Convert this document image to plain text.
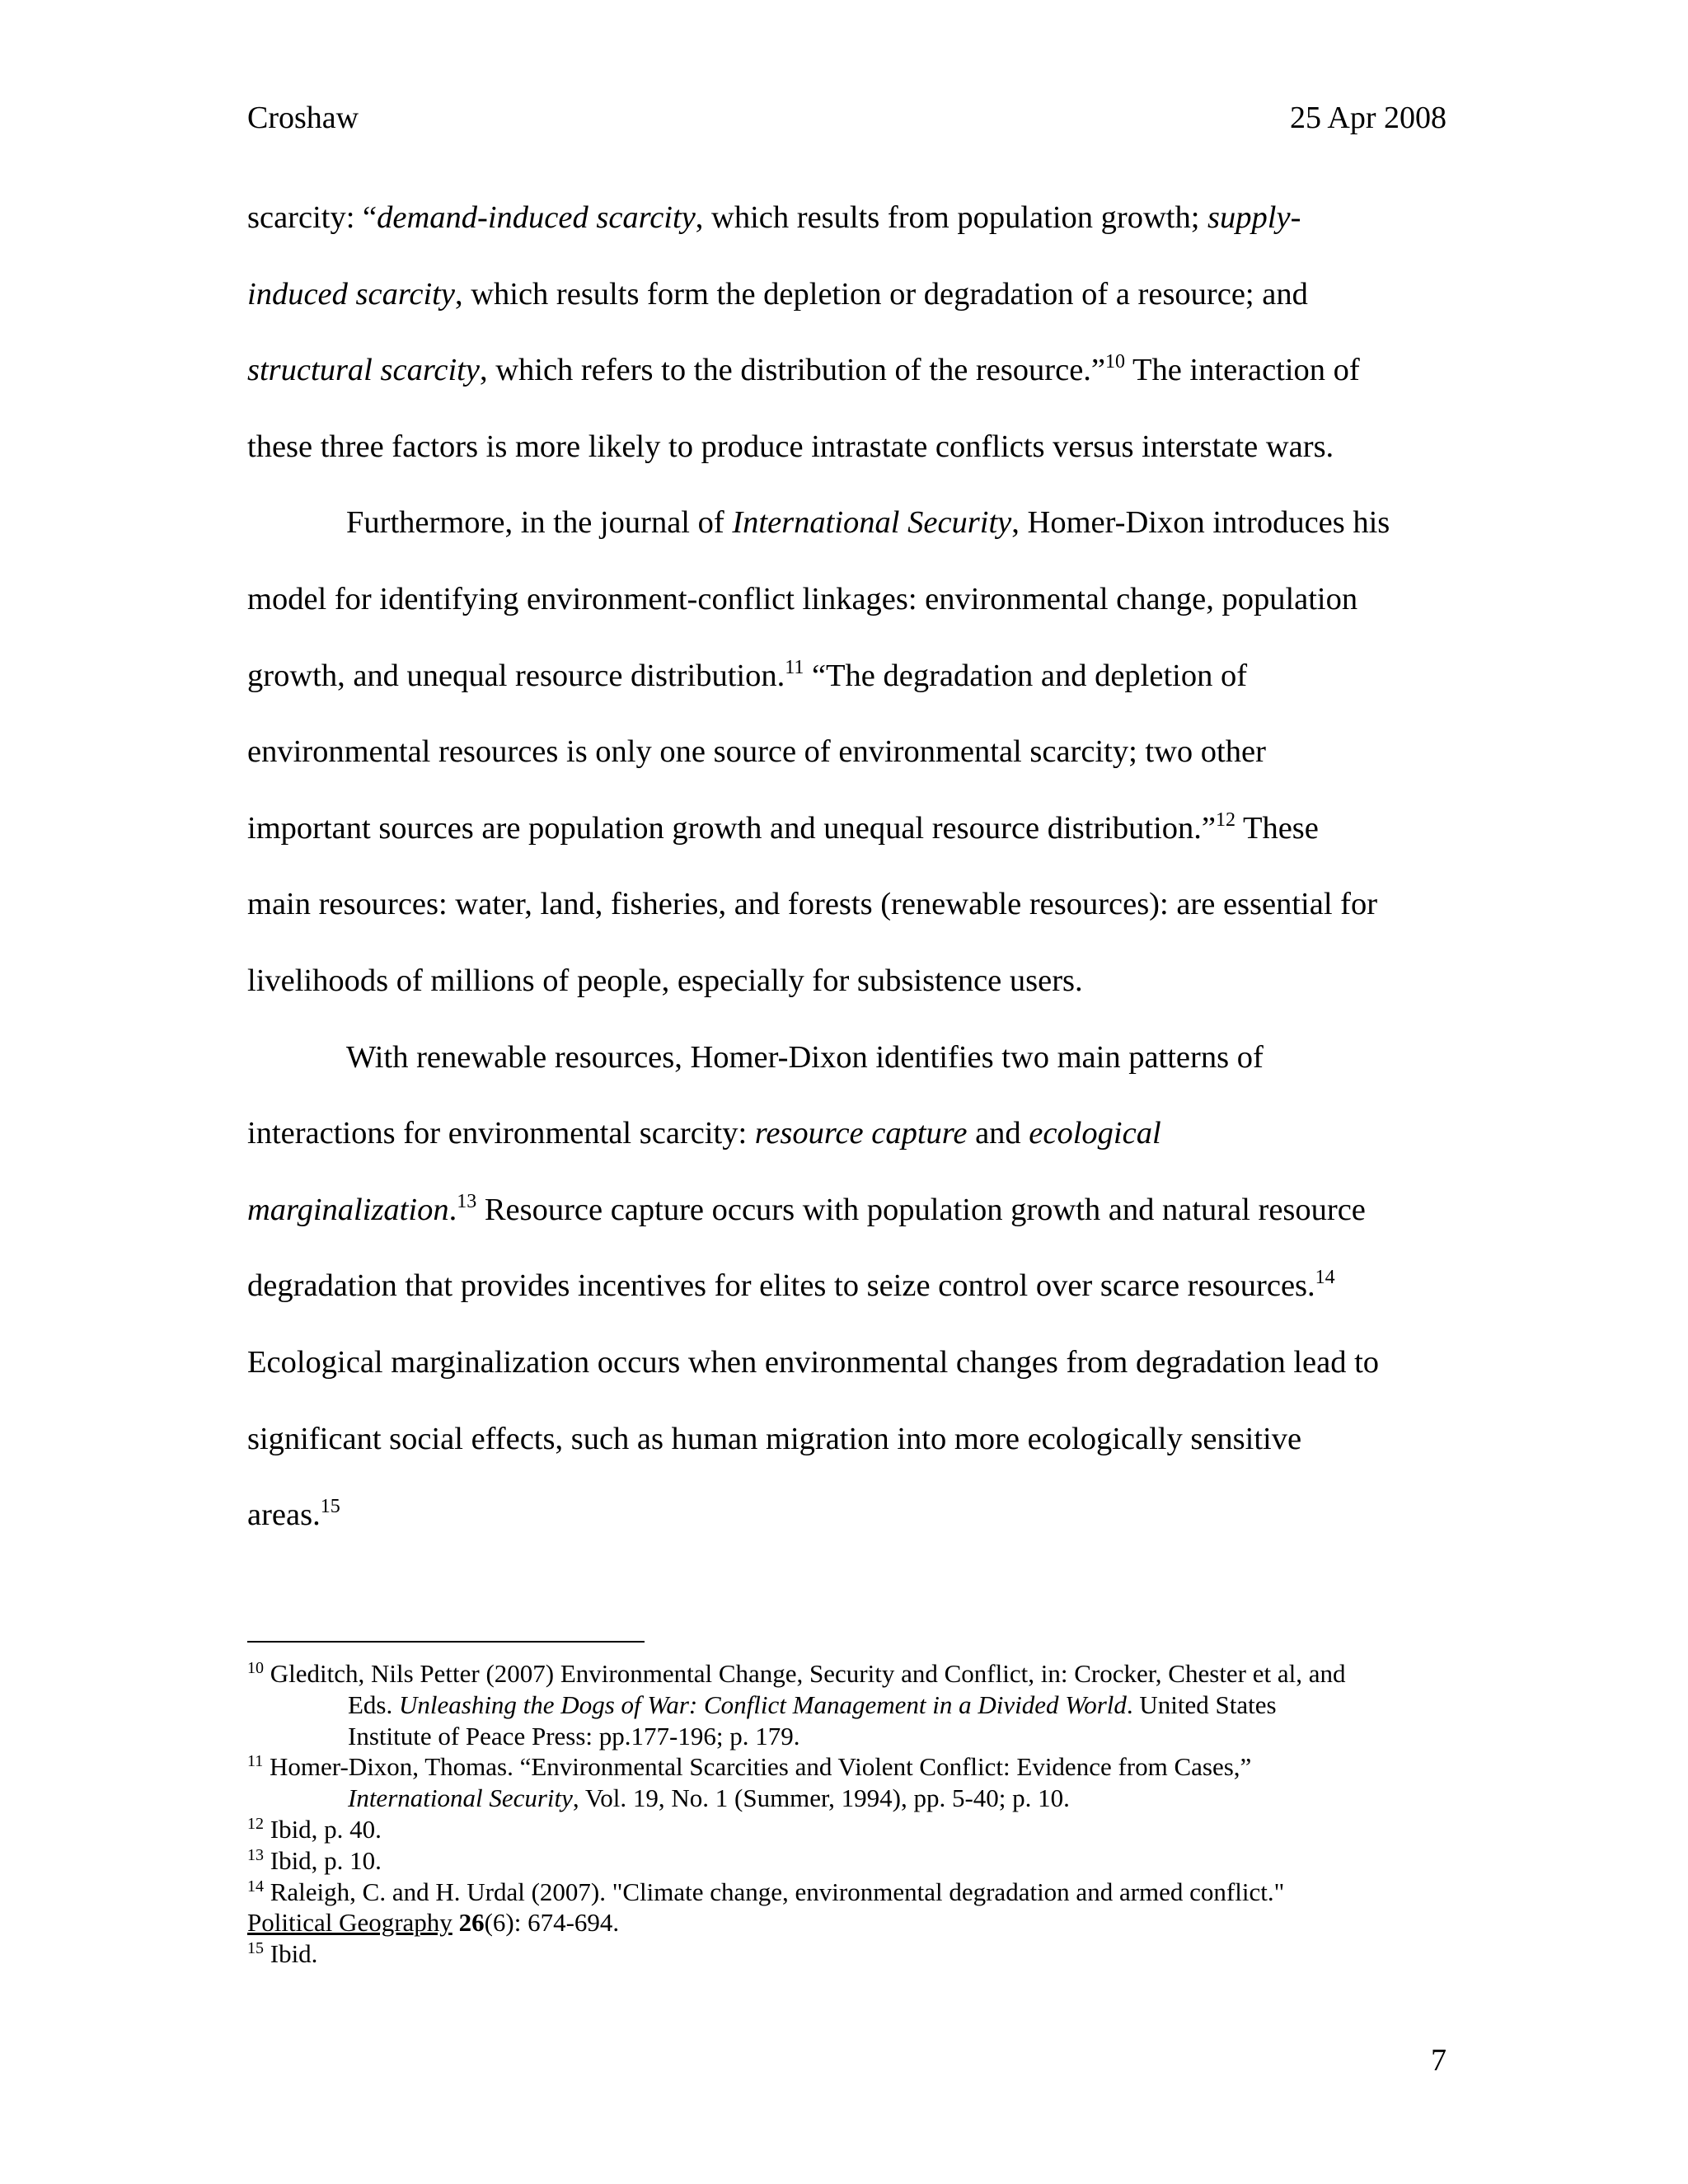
Croshaw	25 Apr 2008
scarcity: “demand-induced scarcity, which results from population growth; supply-
induced scarcity, which results form the depletion or degradation of a resource; and
structural scarcity, which refers to the distribution of the resource.”$^{10}$ The interaction of
these three factors is more likely to produce intrastate conflicts versus interstate wars.
Furthermore, in the journal of International Security, Homer-Dixon introduces his
model for identifying environment-conflict linkages: environmental change, population
growth, and unequal resource distribution.$^{11}$ “The degradation and depletion of
environmental resources is only one source of environmental scarcity; two other
important sources are population growth and unequal resource distribution.”$^{12}$ These
main resources: water, land, fisheries, and forests (renewable resources): are essential for
livelihoods of millions of people, especially for subsistence users.
With renewable resources, Homer-Dixon identifies two main patterns of
interactions for environmental scarcity: resource capture and ecological
marginalization.$^{13}$ Resource capture occurs with population growth and natural resource
degradation that provides incentives for elites to seize control over scarce resources.$^{14}$
Ecological marginalization occurs when environmental changes from degradation lead to
significant social effects, such as human migration into more ecologically sensitive
areas.$^{15}$
$^{10}$ Gleditch, Nils Petter (2007) Environmental Change, Security and Conflict, in: Crocker, Chester et al, and
Eds. Unleashing the Dogs of War: Conflict Management in a Divided World. United States
Institute of Peace Press: pp.177-196; p. 179.
$^{11}$ Homer-Dixon, Thomas. “Environmental Scarcities and Violent Conflict: Evidence from Cases,”
International Security, Vol. 19, No. 1 (Summer, 1994), pp. 5-40; p. 10.
$^{12}$ Ibid, p. 40.
$^{13}$ Ibid, p. 10.
$^{14}$ Raleigh, C. and H. Urdal (2007). "Climate change, environmental degradation and armed conflict."
Political Geography 26(6): 674-694.
$^{15}$ Ibid.
7
